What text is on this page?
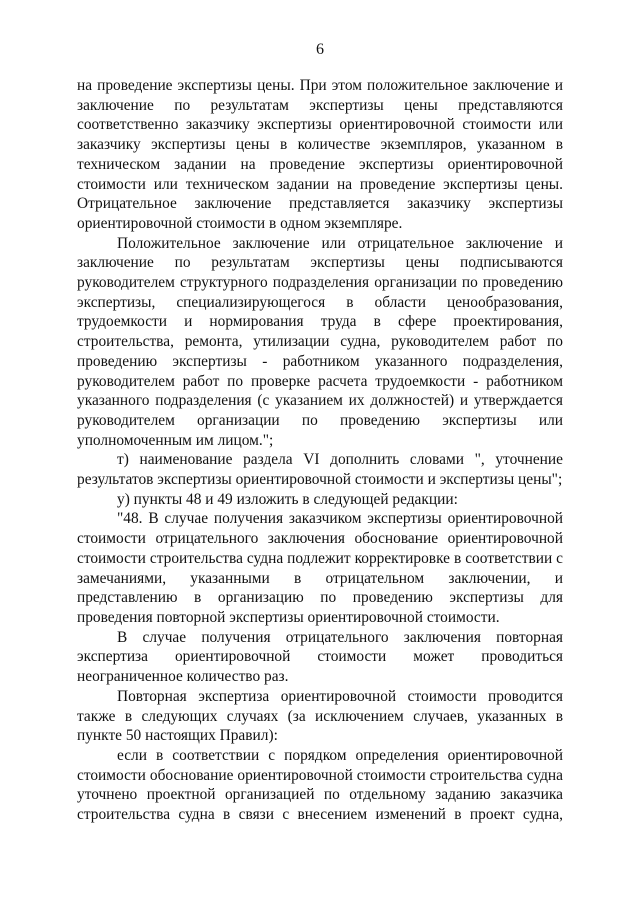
6

на проведение экспертизы цены. При этом положительное заключение и заключение по результатам экспертизы цены представляются соответственно заказчику экспертизы ориентировочной стоимости или заказчику экспертизы цены в количестве экземпляров, указанном в техническом задании на проведение экспертизы ориентировочной стоимости или техническом задании на проведение экспертизы цены. Отрицательное заключение представляется заказчику экспертизы ориентировочной стоимости в одном экземпляре.

Положительное заключение или отрицательное заключение и заключение по результатам экспертизы цены подписываются руководителем структурного подразделения организации по проведению экспертизы, специализирующегося в области ценообразования, трудоемкости и нормирования труда в сфере проектирования, строительства, ремонта, утилизации судна, руководителем работ по проведению экспертизы - работником указанного подразделения, руководителем работ по проверке расчета трудоемкости - работником указанного подразделения (с указанием их должностей) и утверждается руководителем организации по проведению экспертизы или уполномоченным им лицом.";

т) наименование раздела VI дополнить словами ", уточнение результатов экспертизы ориентировочной стоимости и экспертизы цены";

у) пункты 48 и 49 изложить в следующей редакции:

"48. В случае получения заказчиком экспертизы ориентировочной стоимости отрицательного заключения обоснование ориентировочной стоимости строительства судна подлежит корректировке в соответствии с замечаниями, указанными в отрицательном заключении, и представлению в организацию по проведению экспертизы для проведения повторной экспертизы ориентировочной стоимости.

В случае получения отрицательного заключения повторная экспертиза ориентировочной стоимости может проводиться неограниченное количество раз.

Повторная экспертиза ориентировочной стоимости проводится также в следующих случаях (за исключением случаев, указанных в пункте 50 настоящих Правил):

если в соответствии с порядком определения ориентировочной стоимости обоснование ориентировочной стоимости строительства судна уточнено проектной организацией по отдельному заданию заказчика строительства судна в связи с внесением изменений в проект судна,
